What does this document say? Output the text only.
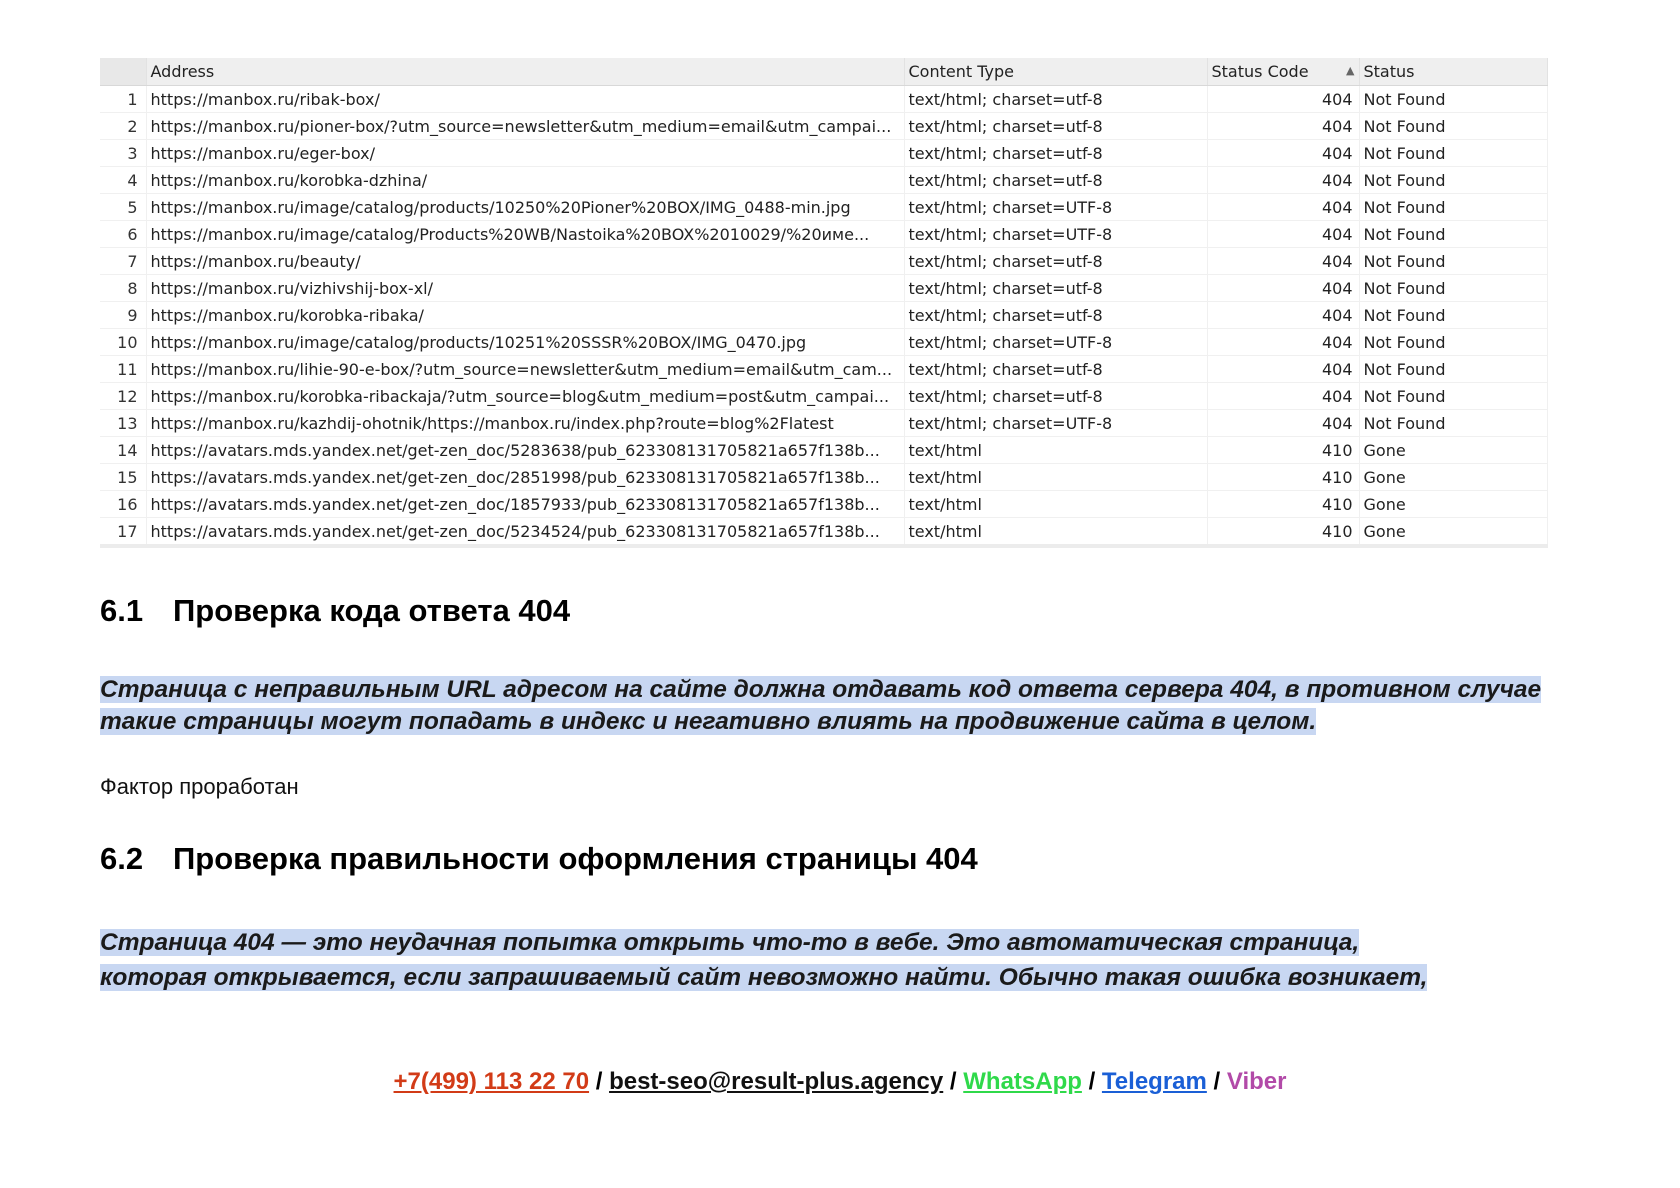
	Address	Content Type	Status Code ▲	Status
1	https://manbox.ru/ribak-box/	text/html; charset=utf-8	404	Not Found
2	https://manbox.ru/pioner-box/?utm_source=newsletter&utm_medium=email&utm_campai...	text/html; charset=utf-8	404	Not Found
3	https://manbox.ru/eger-box/	text/html; charset=utf-8	404	Not Found
4	https://manbox.ru/korobka-dzhina/	text/html; charset=utf-8	404	Not Found
5	https://manbox.ru/image/catalog/products/10250%20Pioner%20BOX/IMG_0488-min.jpg	text/html; charset=UTF-8	404	Not Found
6	https://manbox.ru/image/catalog/Products%20WB/Nastoika%20BOX%2010029/%20име...	text/html; charset=UTF-8	404	Not Found
7	https://manbox.ru/beauty/	text/html; charset=utf-8	404	Not Found
8	https://manbox.ru/vizhivshij-box-xl/	text/html; charset=utf-8	404	Not Found
9	https://manbox.ru/korobka-ribaka/	text/html; charset=utf-8	404	Not Found
10	https://manbox.ru/image/catalog/products/10251%20SSSR%20BOX/IMG_0470.jpg	text/html; charset=UTF-8	404	Not Found
11	https://manbox.ru/lihie-90-e-box/?utm_source=newsletter&utm_medium=email&utm_cam...	text/html; charset=utf-8	404	Not Found
12	https://manbox.ru/korobka-ribackaja/?utm_source=blog&utm_medium=post&utm_campai...	text/html; charset=utf-8	404	Not Found
13	https://manbox.ru/kazhdij-ohotnik/https://manbox.ru/index.php?route=blog%2Flatest	text/html; charset=UTF-8	404	Not Found
14	https://avatars.mds.yandex.net/get-zen_doc/5283638/pub_623308131705821a657f138b...	text/html	410	Gone
15	https://avatars.mds.yandex.net/get-zen_doc/2851998/pub_623308131705821a657f138b...	text/html	410	Gone
16	https://avatars.mds.yandex.net/get-zen_doc/1857933/pub_623308131705821a657f138b...	text/html	410	Gone
17	https://avatars.mds.yandex.net/get-zen_doc/5234524/pub_623308131705821a657f138b...	text/html	410	Gone
6.1 Проверка кода ответа 404

Страница с неправильным URL адресом на сайте должна отдавать код ответа сервера 404, в противном случае
такие страницы могут попадать в индекс и негативно влиять на продвижение сайта в целом.

Фактор проработан

6.2 Проверка правильности оформления страницы 404

Страница 404 — это неудачная попытка открыть что-то в вебе. Это автоматическая страница,
которая открывается, если запрашиваемый сайт невозможно найти. Обычно такая ошибка возникает,

+7(499) 113 22 70 / best-seo@result-plus.agency / WhatsApp / Telegram / Viber
